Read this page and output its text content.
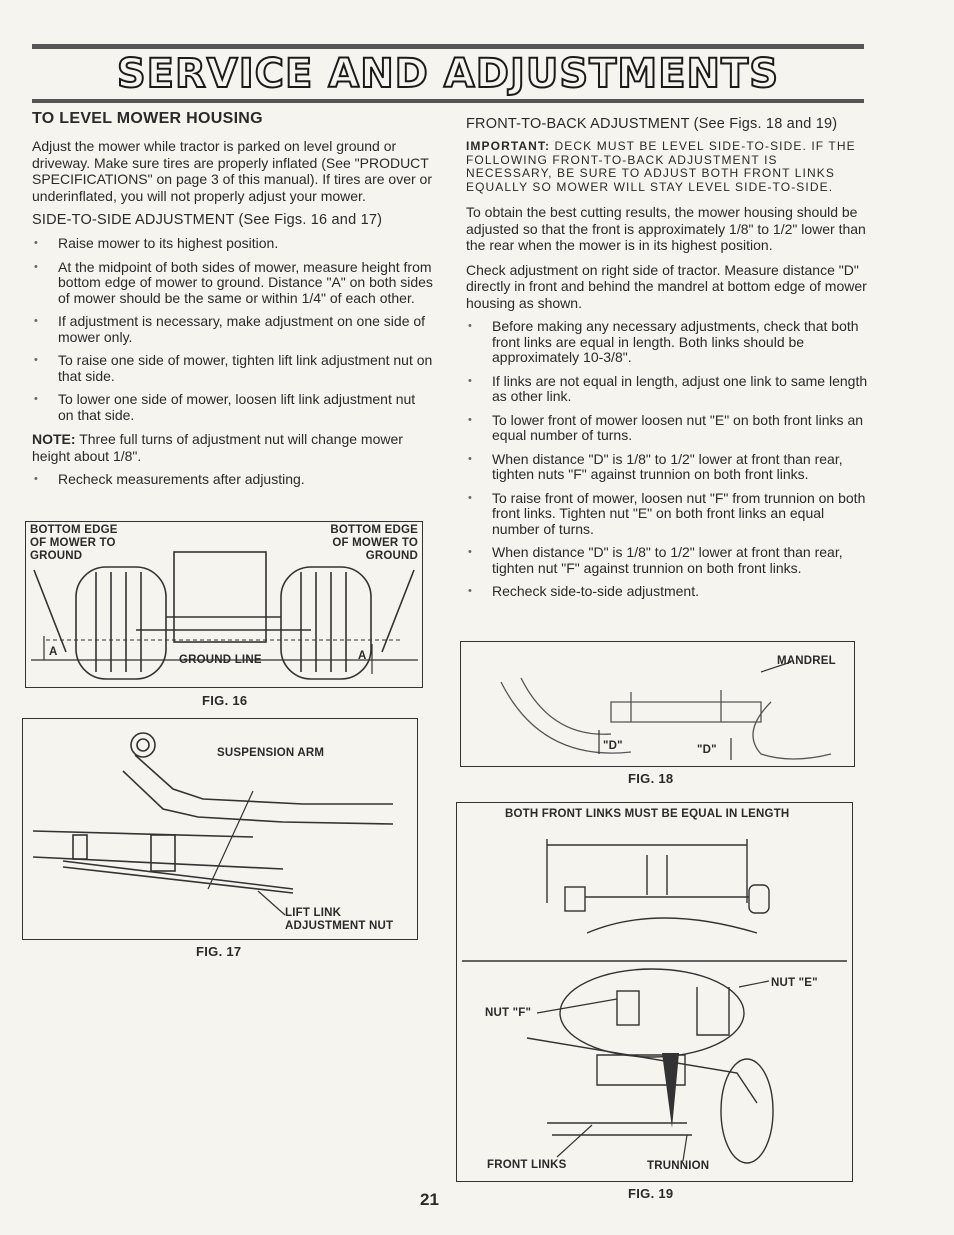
SERVICE AND ADJUSTMENTS
TO LEVEL MOWER HOUSING

Adjust the mower while tractor is parked on level ground or driveway. Make sure tires are properly inflated (See "PRODUCT SPECIFICATIONS" on page 3 of this manual). If tires are over or underinflated, you will not properly adjust your mower.

SIDE-TO-SIDE ADJUSTMENT (See Figs. 16 and 17)
• Raise mower to its highest position.
• At the midpoint of both sides of mower, measure height from bottom edge of mower to ground. Distance "A" on both sides of mower should be the same or within 1/4" of each other.
• If adjustment is necessary, make adjustment on one side of mower only.
• To raise one side of mower, tighten lift link adjustment nut on that side.
• To lower one side of mower, loosen lift link adjustment nut on that side.

NOTE: Three full turns of adjustment nut will change mower height about 1/8".

• Recheck measurements after adjusting.
FRONT-TO-BACK ADJUSTMENT (See Figs. 18 and 19)

IMPORTANT: DECK MUST BE LEVEL SIDE-TO-SIDE. IF THE FOLLOWING FRONT-TO-BACK ADJUSTMENT IS NECESSARY, BE SURE TO ADJUST BOTH FRONT LINKS EQUALLY SO MOWER WILL STAY LEVEL SIDE-TO-SIDE.

To obtain the best cutting results, the mower housing should be adjusted so that the front is approximately 1/8" to 1/2" lower than the rear when the mower is in its highest position.

Check adjustment on right side of tractor. Measure distance "D" directly in front and behind the mandrel at bottom edge of mower housing as shown.

• Before making any necessary adjustments, check that both front links are equal in length. Both links should be approximately 10-3/8".
• If links are not equal in length, adjust one link to same length as other link.
• To lower front of mower loosen nut "E" on both front links an equal number of turns.
• When distance "D" is 1/8" to 1/2" lower at front than rear, tighten nuts "F" against trunnion on both front links.
• To raise front of mower, loosen nut "F" from trunnion on both front links. Tighten nut "E" on both front links an equal number of turns.
• When distance "D" is 1/8" to 1/2" lower at front than rear, tighten nut "F" against trunnion on both front links.
• Recheck side-to-side adjustment.
BOTTOM EDGE
OF MOWER TO
GROUND
BOTTOM EDGE
OF MOWER TO
GROUND
GROUND LINE
A	A
FIG. 16
SUSPENSION ARM
LIFT LINK
ADJUSTMENT NUT
FIG. 17
MANDREL
"D"	"D"
FIG. 18
BOTH FRONT LINKS MUST BE EQUAL IN LENGTH
NUT "E"
NUT "F"
FRONT LINKS	TRUNNION
FIG. 19
21
